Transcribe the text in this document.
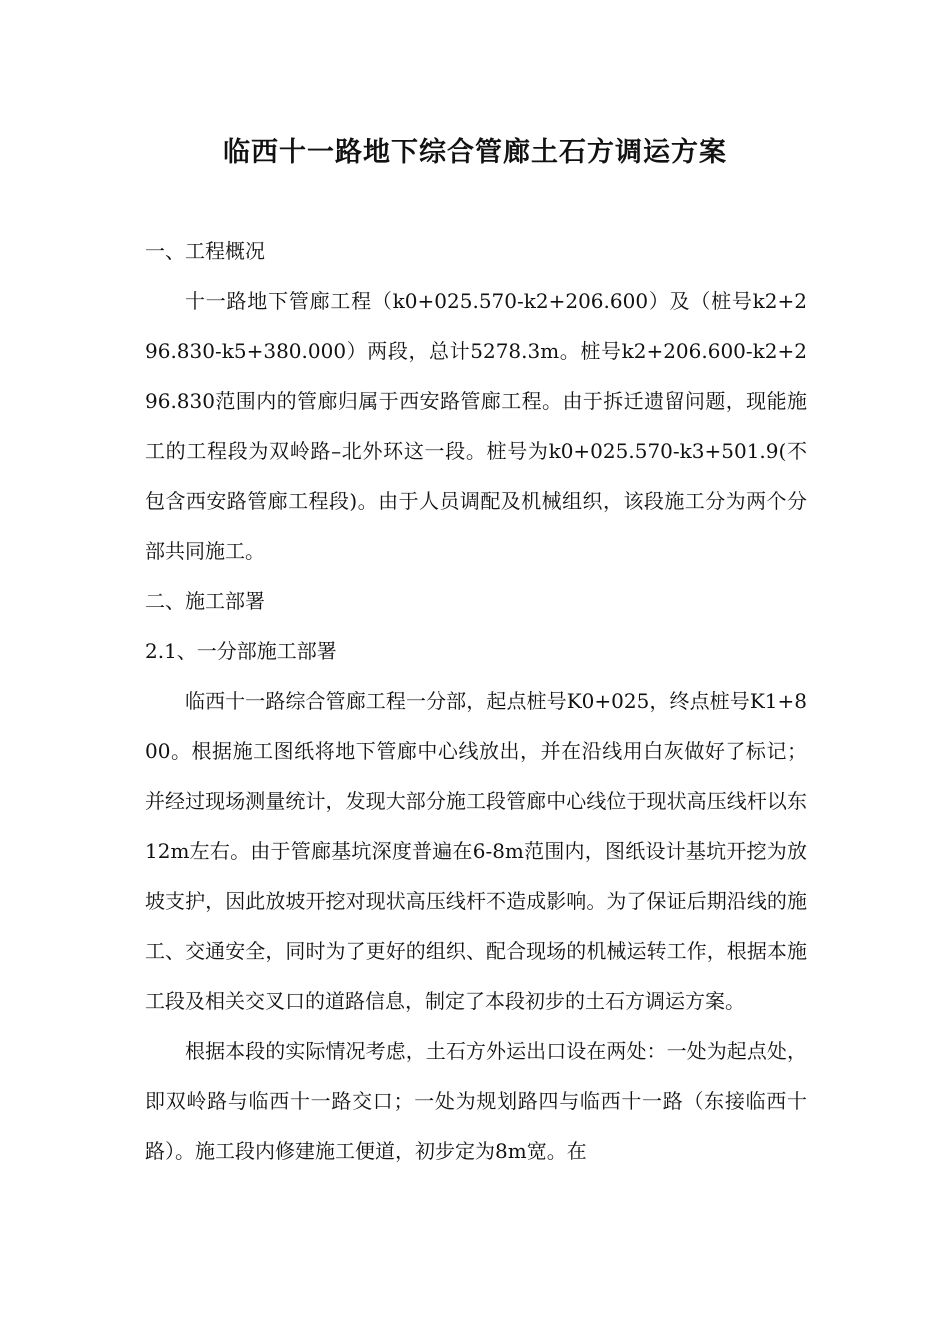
临西十一路地下综合管廊土石方调运方案

一、工程概况

十一路地下管廊工程（k0+025.570-k2+206.600）及（桩号k2+296.830-k5+380.000）两段，总计5278.3m。桩号k2+206.600-k2+296.830范围内的管廊归属于西安路管廊工程。由于拆迁遗留问题，现能施工的工程段为双岭路–北外环这一段。桩号为k0+025.570-k3+501.9(不包含西安路管廊工程段)。由于人员调配及机械组织，该段施工分为两个分部共同施工。

二、施工部署

2.1、一分部施工部署

临西十一路综合管廊工程一分部，起点桩号K0+025，终点桩号K1+800。根据施工图纸将地下管廊中心线放出，并在沿线用白灰做好了标记；并经过现场测量统计，发现大部分施工段管廊中心线位于现状高压线杆以东12m左右。由于管廊基坑深度普遍在6-8m范围内，图纸设计基坑开挖为放坡支护，因此放坡开挖对现状高压线杆不造成影响。为了保证后期沿线的施工、交通安全，同时为了更好的组织、配合现场的机械运转工作，根据本施工段及相关交叉口的道路信息，制定了本段初步的土石方调运方案。

根据本段的实际情况考虑，土石方外运出口设在两处：一处为起点处，即双岭路与临西十一路交口；一处为规划路四与临西十一路（东接临西十路）。施工段内修建施工便道，初步定为8m宽。在
